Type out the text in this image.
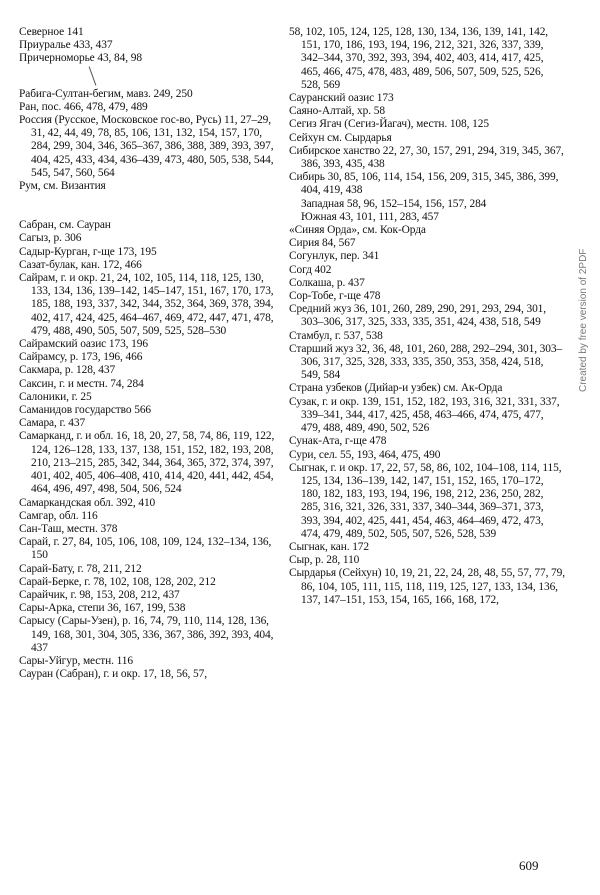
Северное 141
Приуралье 433, 437
Причерноморье 43, 84, 98
Рабига-Султан-бегим, мавз. 249, 250
Ран, пос. 466, 478, 479, 489
Россия (Русское, Московское гос-во, Русь) 11, 27–29, 31, 42, 44, 49, 78, 85, 106, 131, 132, 154, 157, 170, 284, 299, 304, 346, 365–367, 386, 388, 389, 393, 397, 404, 425, 433, 434, 436–439, 473, 480, 505, 538, 544, 545, 547, 560, 564
Рум, см. Византия
Сабран, см. Сауран
Сагыз, р. 306
Садыр-Курган, г-ще 173, 195
Сазат-булак, кан. 172, 466
Сайрам, г. и окр. 21, 24, 102, 105, 114, 118, 125, 130, 133, 134, 136, 139–142, 145–147, 151, 167, 170, 173, 185, 188, 193, 337, 342, 344, 352, 364, 369, 378, 394, 402, 417, 424, 425, 464–467, 469, 472, 447, 471, 478, 479, 488, 490, 505, 507, 509, 525, 528–530
Сайрамский оазис 173, 196
Сайрамсу, р. 173, 196, 466
Сакмара, р. 128, 437
Саксин, г. и местн. 74, 284
Салоники, г. 25
Саманидов государство 566
Самара, г. 437
Самарканд, г. и обл. 16, 18, 20, 27, 58, 74, 86, 119, 122, 124, 126–128, 133, 137, 138, 151, 152, 182, 193, 208, 210, 213–215, 285, 342, 344, 364, 365, 372, 374, 397, 401, 402, 405, 406–408, 410, 414, 420, 441, 442, 454, 464, 496, 497, 498, 504, 506, 524
Самаркандская обл. 392, 410
Самгар, обл. 116
Сан-Таш, местн. 378
Сарай, г. 27, 84, 105, 106, 108, 109, 124, 132–134, 136, 150
Сарай-Бату, г. 78, 211, 212
Сарай-Берке, г. 78, 102, 108, 128, 202, 212
Сарайчик, г. 98, 153, 208, 212, 437
Сары-Арка, степи 36, 167, 199, 538
Сарысу (Сары-Узен), р. 16, 74, 79, 110, 114, 128, 136, 149, 168, 301, 304, 305, 336, 367, 386, 392, 393, 404, 437
Сары-Уйгур, местн. 116
Сауран (Сабран), г. и окр. 17, 18, 56, 57,
58, 102, 105, 124, 125, 128, 130, 134, 136, 139, 141, 142, 151, 170, 186, 193, 194, 196, 212, 321, 326, 337, 339, 342–344, 370, 392, 393, 394, 402, 403, 414, 417, 425, 465, 466, 475, 478, 483, 489, 506, 507, 509, 525, 526, 528, 569
Сауранский оазис 173
Саяно-Алтай, хр. 58
Сегиз Ягач (Сегиз-Йагач), местн. 108, 125
Сейхун см. Сырдарья
Сибирское ханство 22, 27, 30, 157, 291, 294, 319, 345, 367, 386, 393, 435, 438
Сибирь 30, 85, 106, 114, 154, 156, 209, 315, 345, 386, 399, 404, 419, 438
Западная 58, 96, 152–154, 156, 157, 284
Южная 43, 101, 111, 283, 457
«Синяя Орда», см. Кок-Орда
Сирия 84, 567
Согунлук, пер. 341
Согд 402
Солкаша, р. 437
Сор-Тобе, г-ще 478
Средний жуз 36, 101, 260, 289, 290, 291, 293, 294, 301, 303–306, 317, 325, 333, 335, 351, 424, 438, 518, 549
Стамбул, г. 537, 538
Старший жуз 32, 36, 48, 101, 260, 288, 292–294, 301, 303–306, 317, 325, 328, 333, 335, 350, 353, 358, 424, 518, 549, 584
Страна узбеков (Дийар-и узбек) см. Ак-Орда
Сузак, г. и окр. 139, 151, 152, 182, 193, 316, 321, 331, 337, 339–341, 344, 417, 425, 458, 463–466, 474, 475, 477, 479, 488, 489, 490, 502, 526
Сунак-Ата, г-ще 478
Сури, сел. 55, 193, 464, 475, 490
Сыгнак, г. и окр. 17, 22, 57, 58, 86, 102, 104–108, 114, 115, 125, 134, 136–139, 142, 147, 151, 152, 165, 170–172, 180, 182, 183, 193, 194, 196, 198, 212, 236, 250, 282, 285, 316, 321, 326, 331, 337, 340–344, 369–371, 373, 393, 394, 402, 425, 441, 454, 463, 464–469, 472, 473, 474, 479, 489, 502, 505, 507, 526, 528, 539
Сыгнак, кан. 172
Сыр, р. 28, 110
Сырдарья (Сейхун) 10, 19, 21, 22, 24, 28, 48, 55, 57, 77, 79, 86, 104, 105, 111, 115, 118, 119, 125, 127, 133, 134, 136, 137, 147–151, 153, 154, 165, 166, 168, 172,
Created by free version of 2PDF
609
